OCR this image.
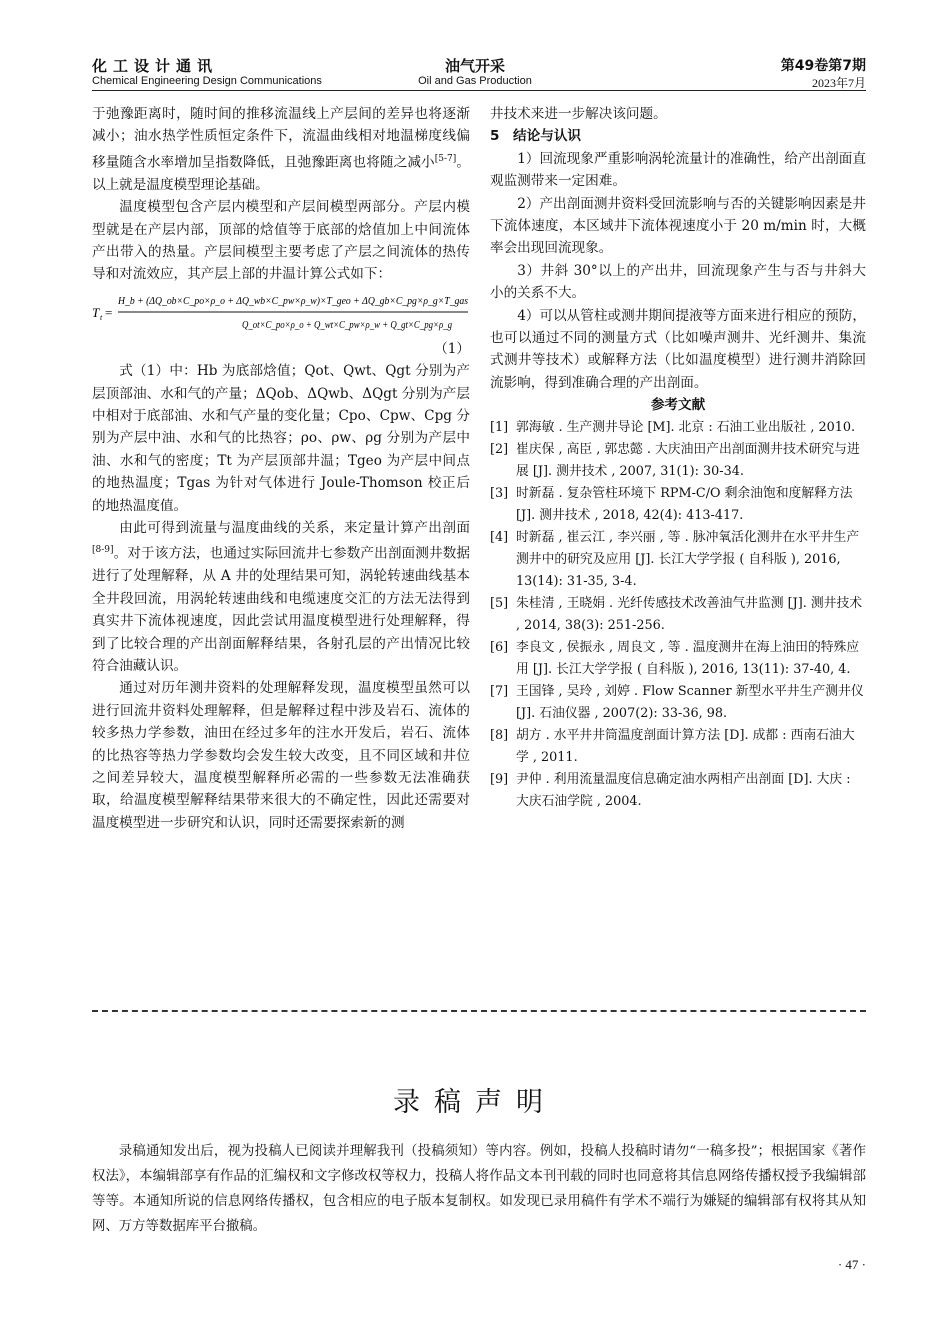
化工设计通讯
Chemical Engineering Design Communications
油气开采
Oil and Gas Production
第49卷第7期
2023年7月

于弛豫距离时，随时间的推移流温线上产层间的差异也将逐渐减小；油水热学性质恒定条件下，流温曲线相对地温梯度线偏移量随含水率增加呈指数降低，且弛豫距离也将随之减小[5-7]。以上就是温度模型理论基础。

温度模型包含产层内模型和产层间模型两部分。产层内模型就是在产层内部，顶部的焓值等于底部的焓值加上中间流体产出带入的热量。产层间模型主要考虑了产层之间流体的热传导和对流效应，其产层上部的井温计算公式如下：

T t =
H_b + (ΔQ_ob×C_po×ρ_o + ΔQ_wb×C_pw×ρ_w)×T_geo + ΔQ_gb×C_pg×ρ_g×T_gas
Q_ot×C_po×ρ_o + Q_wt×C_pw×ρ_w + Q_gt×C_pg×ρ_g

（1）

式（1）中：Hb 为底部焓值；Qot、Qwt、Qgt 分别为产层顶部油、水和气的产量；ΔQob、ΔQwb、ΔQgt 分别为产层中相对于底部油、水和气产量的变化量；Cpo、Cpw、Cpg 分别为产层中油、水和气的比热容；ρo、ρw、ρg 分别为产层中油、水和气的密度；Tt 为产层顶部井温；Tgeo 为产层中间点的地热温度；Tgas 为针对气体进行 Joule-Thomson 校正后的地热温度值。

由此可得到流量与温度曲线的关系，来定量计算产出剖面[8-9]。对于该方法，也通过实际回流井七参数产出剖面测井数据进行了处理解释，从 A 井的处理结果可知，涡轮转速曲线基本全井段回流，用涡轮转速曲线和电缆速度交汇的方法无法得到真实井下流体视速度，因此尝试用温度模型进行处理解释，得到了比较合理的产出剖面解释结果，各射孔层的产出情况比较符合油藏认识。

通过对历年测井资料的处理解释发现，温度模型虽然可以进行回流井资料处理解释，但是解释过程中涉及岩石、流体的较多热力学参数，油田在经过多年的注水开发后，岩石、流体的比热容等热力学参数均会发生较大改变，且不同区域和井位之间差异较大，温度模型解释所必需的一些参数无法准确获取，给温度模型解释结果带来很大的不确定性，因此还需要对温度模型进一步研究和认识，同时还需要探索新的测

井技术来进一步解决该问题。

5　结论与认识

1）回流现象严重影响涡轮流量计的准确性，给产出剖面直观监测带来一定困难。

2）产出剖面测井资料受回流影响与否的关键影响因素是井下流体速度，本区域井下流体视速度小于 20 m/min 时，大概率会出现回流现象。

3）井斜 30°以上的产出井，回流现象产生与否与井斜大小的关系不大。

4）可以从管柱或测井期间提液等方面来进行相应的预防，也可以通过不同的测量方式（比如噪声测井、光纤测井、集流式测井等技术）或解释方法（比如温度模型）进行测井消除回流影响，得到准确合理的产出剖面。

参考文献

[1] 郭海敏 . 生产测井导论 [M]. 北京 : 石油工业出版社 , 2010.
[2] 崔庆保 , 高臣 , 郭忠懿 . 大庆油田产出剖面测井技术研究与进展 [J]. 测井技术 , 2007, 31(1): 30-34.
[3] 时新磊 . 复杂管柱环境下 RPM-C/O 剩余油饱和度解释方法 [J]. 测井技术 , 2018, 42(4): 413-417.
[4] 时新磊 , 崔云江 , 李兴丽 , 等 . 脉冲氧活化测井在水平井生产测井中的研究及应用 [J]. 长江大学学报 ( 自科版 ), 2016, 13(14): 31-35, 3-4.
[5] 朱桂清 , 王晓娟 . 光纤传感技术改善油气井监测 [J]. 测井技术 , 2014, 38(3): 251-256.
[6] 李良文 , 侯振永 , 周良文 , 等 . 温度测井在海上油田的特殊应用 [J]. 长江大学学报 ( 自科版 ), 2016, 13(11): 37-40, 4.
[7] 王国锋 , 吴玲 , 刘婷 . Flow Scanner 新型水平井生产测井仪 [J]. 石油仪器 , 2007(2): 33-36, 98.
[8] 胡方 . 水平井井筒温度剖面计算方法 [D]. 成都 : 西南石油大学 , 2011.
[9] 尹仲 . 利用流量温度信息确定油水两相产出剖面 [D]. 大庆 : 大庆石油学院 , 2004.
录稿声明
录稿通知发出后，视为投稿人已阅读并理解我刊（投稿须知）等内容。例如，投稿人投稿时请勿“一稿多投”；根据国家《著作权法》，本编辑部享有作品的汇编权和文字修改权等权力，投稿人将作品文本刊刊载的同时也同意将其信息网络传播权授予我编辑部等等。本通知所说的信息网络传播权，包含相应的电子版本复制权。如发现已录用稿件有学术不端行为嫌疑的编辑部有权将其从知网、万方等数据库平台撤稿。
· 47 ·
